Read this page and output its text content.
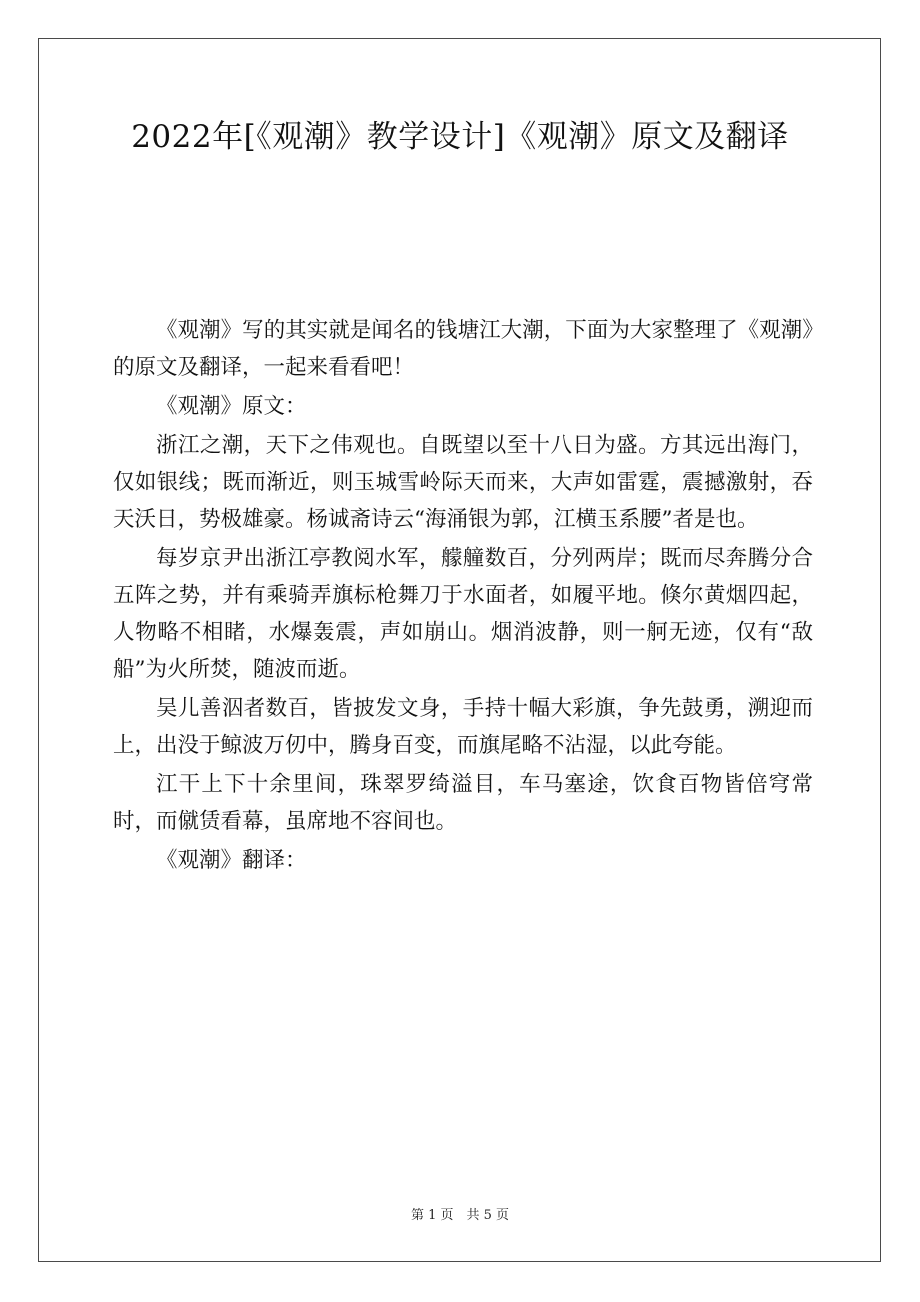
2022年[《观潮》教学设计]《观潮》原文及翻译

《观潮》写的其实就是闻名的钱塘江大潮，下面为大家整理了《观潮》的原文及翻译，一起来看看吧！

《观潮》原文：

浙江之潮，天下之伟观也。自既望以至十八日为盛。方其远出海门，仅如银线；既而渐近，则玉城雪岭际天而来，大声如雷霆，震撼激射，吞天沃日，势极雄豪。杨诚斋诗云“海涌银为郭，江横玉系腰”者是也。

每岁京尹出浙江亭教阅水军，艨艟数百，分列两岸；既而尽奔腾分合五阵之势，并有乘骑弄旗标枪舞刀于水面者，如履平地。倏尔黄烟四起，人物略不相睹，水爆轰震，声如崩山。烟消波静，则一舸无迹，仅有“敌船”为火所焚，随波而逝。

吴儿善泅者数百，皆披发文身，手持十幅大彩旗，争先鼓勇，溯迎而上，出没于鲸波万仞中，腾身百变，而旗尾略不沾湿，以此夸能。

江干上下十余里间，珠翠罗绮溢目，车马塞途，饮食百物皆倍穹常时，而僦赁看幕，虽席地不容间也。

《观潮》翻译：

第 1 页　共 5 页
